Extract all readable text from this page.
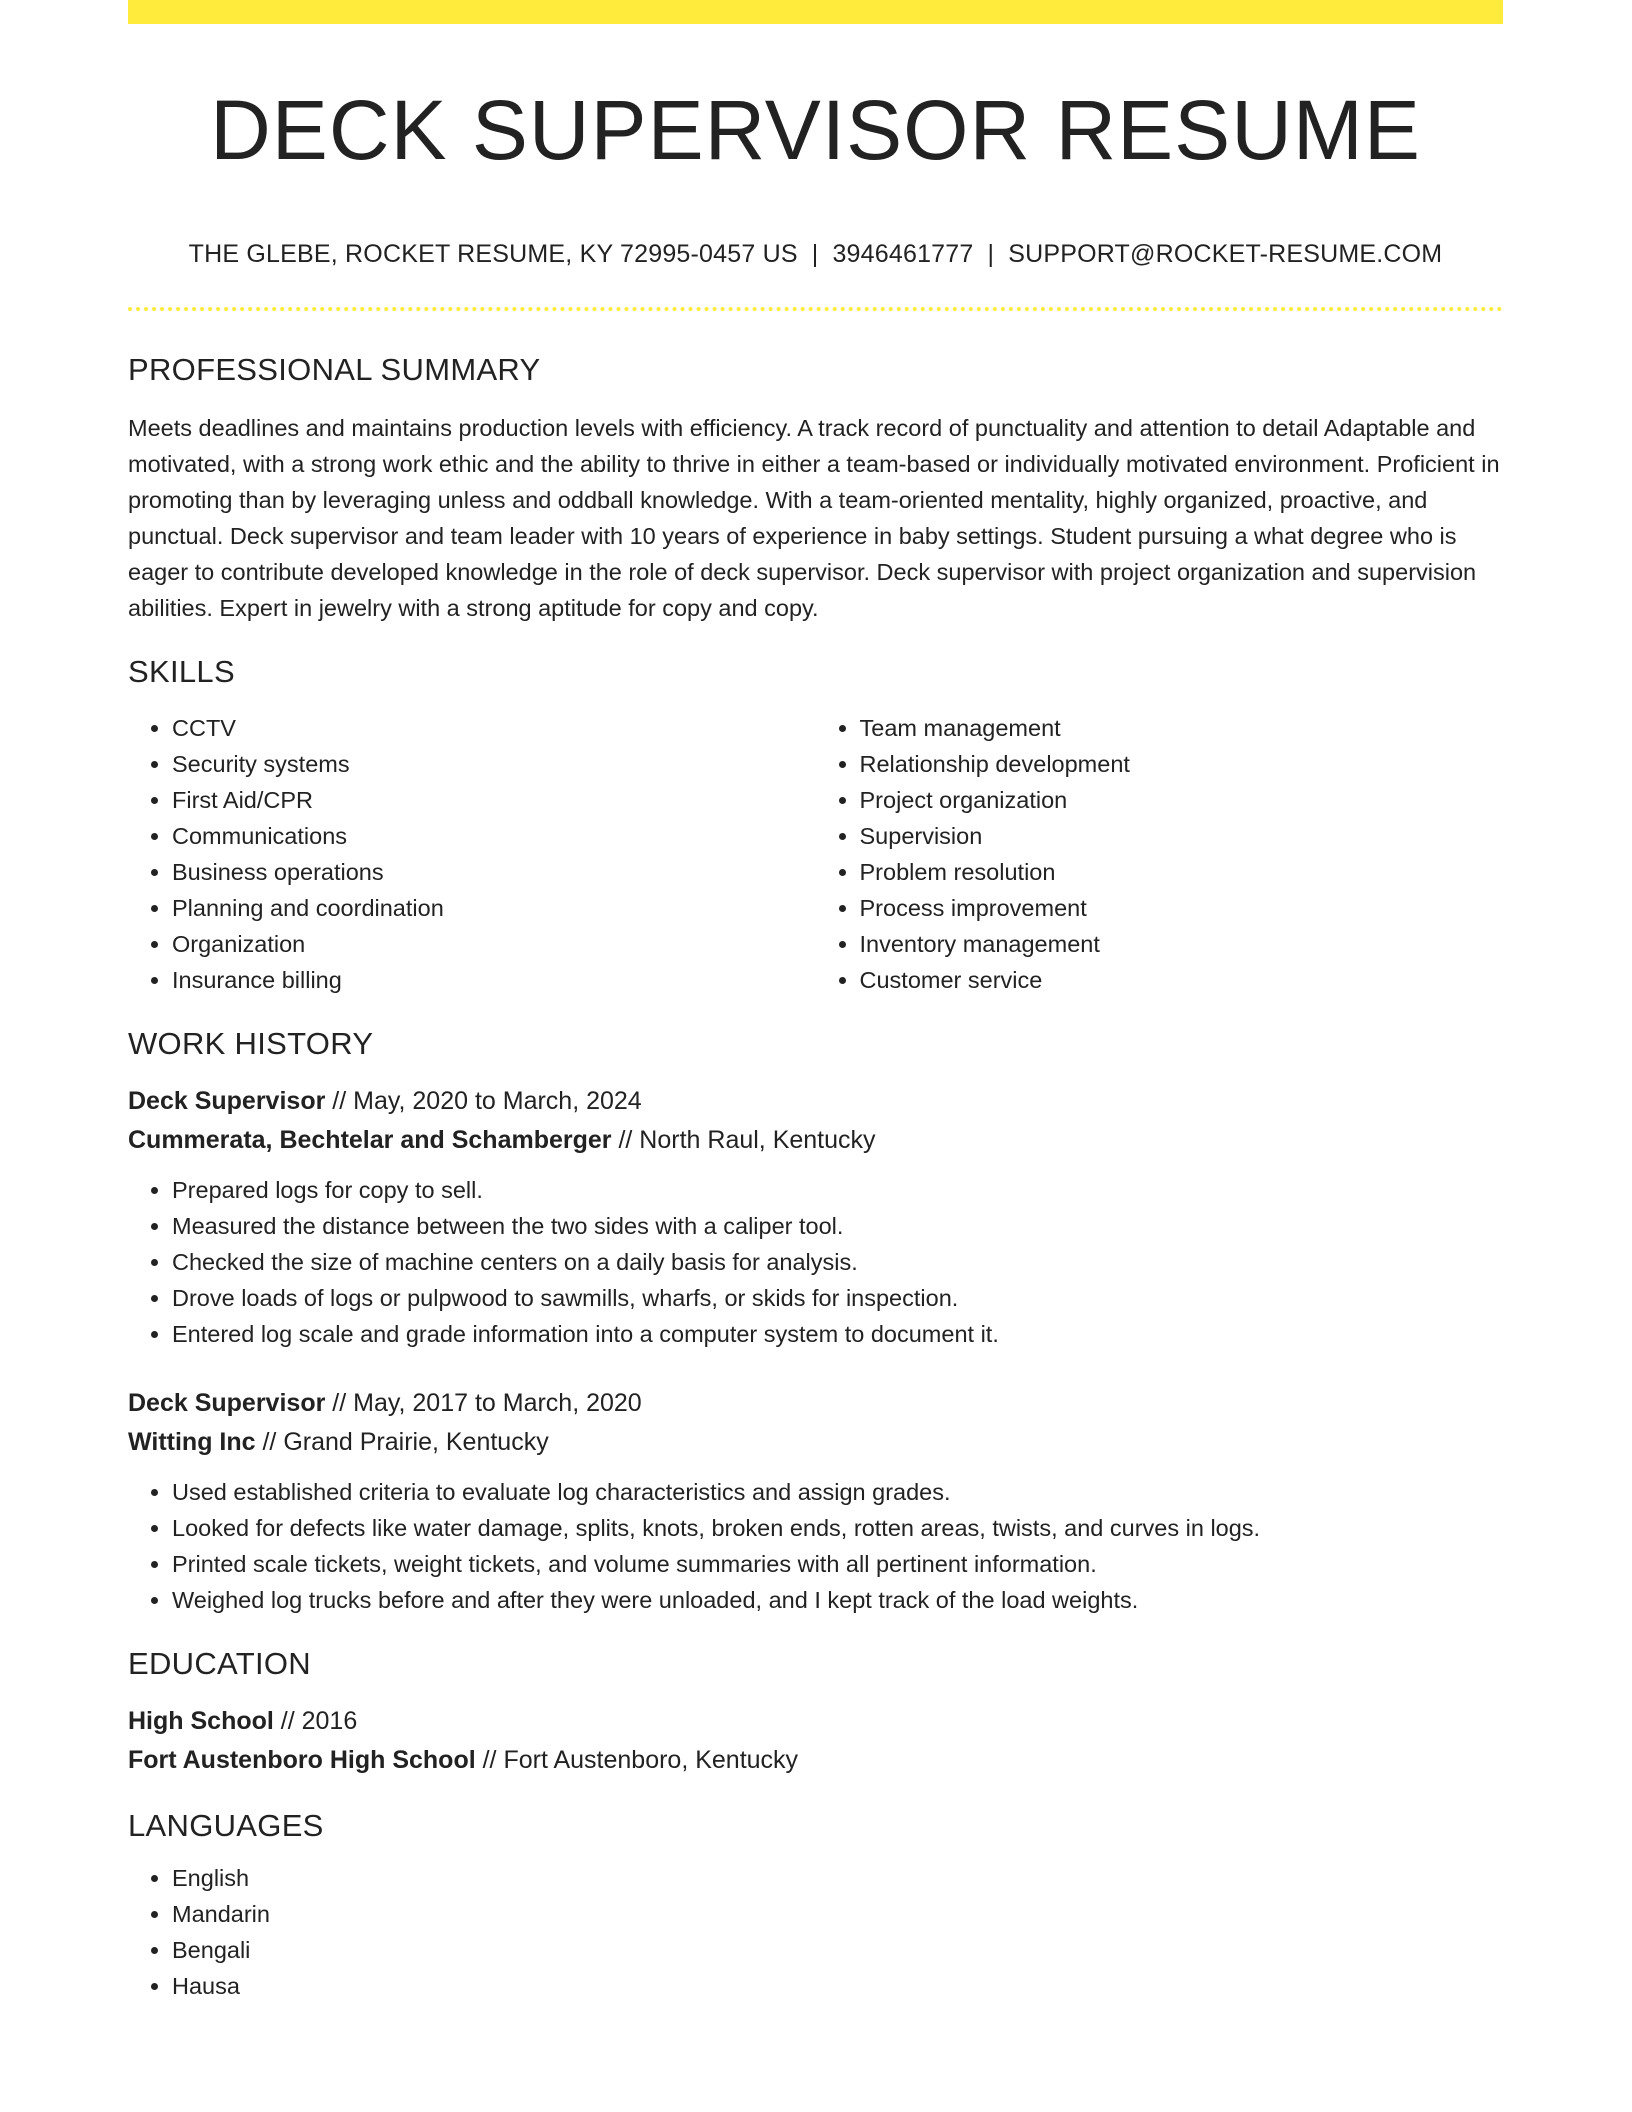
DECK SUPERVISOR RESUME
THE GLEBE, ROCKET RESUME, KY 72995-0457 US | 3946461777 | SUPPORT@ROCKET-RESUME.COM
PROFESSIONAL SUMMARY

Meets deadlines and maintains production levels with efficiency. A track record of punctuality and attention to detail Adaptable and motivated, with a strong work ethic and the ability to thrive in either a team-based or individually motivated environment. Proficient in promoting than by leveraging unless and oddball knowledge. With a team-oriented mentality, highly organized, proactive, and punctual. Deck supervisor and team leader with 10 years of experience in baby settings. Student pursuing a what degree who is eager to contribute developed knowledge in the role of deck supervisor. Deck supervisor with project organization and supervision abilities. Expert in jewelry with a strong aptitude for copy and copy.

SKILLS
• CCTV
• Security systems
• First Aid/CPR
• Communications
• Business operations
• Planning and coordination
• Organization
• Insurance billing
• Team management
• Relationship development
• Project organization
• Supervision
• Problem resolution
• Process improvement
• Inventory management
• Customer service
WORK HISTORY
Deck Supervisor // May, 2020 to March, 2024
Cummerata, Bechtelar and Schamberger // North Raul, Kentucky
• Prepared logs for copy to sell.
• Measured the distance between the two sides with a caliper tool.
• Checked the size of machine centers on a daily basis for analysis.
• Drove loads of logs or pulpwood to sawmills, wharfs, or skids for inspection.
• Entered log scale and grade information into a computer system to document it.
Deck Supervisor // May, 2017 to March, 2020
Witting Inc // Grand Prairie, Kentucky
• Used established criteria to evaluate log characteristics and assign grades.
• Looked for defects like water damage, splits, knots, broken ends, rotten areas, twists, and curves in logs.
• Printed scale tickets, weight tickets, and volume summaries with all pertinent information.
• Weighed log trucks before and after they were unloaded, and I kept track of the load weights.
EDUCATION
High School // 2016
Fort Austenboro High School // Fort Austenboro, Kentucky
LANGUAGES
• English
• Mandarin
• Bengali
• Hausa
